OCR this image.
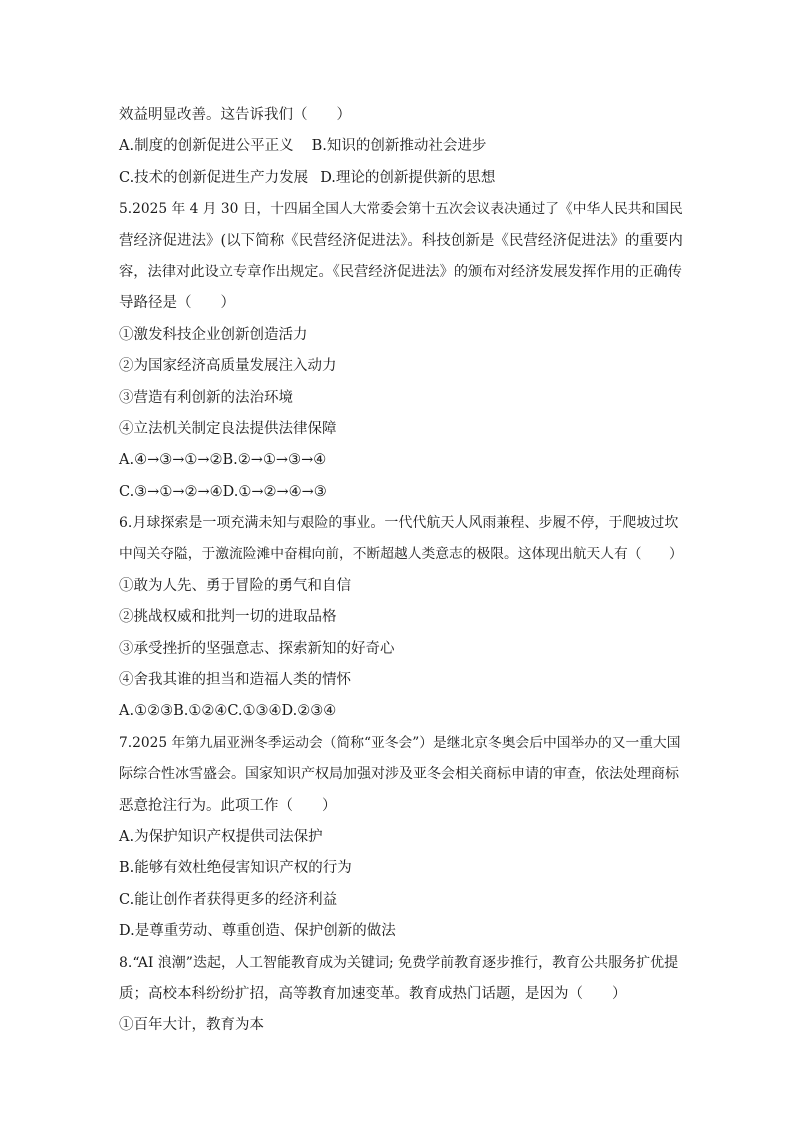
效益明显改善。这告诉我们（　　）
A.制度的创新促进公平正义 B.知识的创新推动社会进步
C.技术的创新促进生产力发展 D.理论的创新提供新的思想
5.2025 年 4 月 30 日，十四届全国人大常委会第十五次会议表决通过了《中华人民共和国民
营经济促进法》(以下简称《民营经济促进法》。科技创新是《民营经济促进法》的重要内
容，法律对此设立专章作出规定。《民营经济促进法》的颁布对经济发展发挥作用的正确传
导路径是（　　）
①激发科技企业创新创造活力
②为国家经济高质量发展注入动力
③营造有利创新的法治环境
④立法机关制定良法提供法律保障
A.④→③→①→②B.②→①→③→④
C.③→①→②→④D.①→②→④→③
6.月球探索是一项充满未知与艰险的事业。一代代航天人风雨兼程、步履不停，于爬坡过坎
中闯关夺隘，于激流险滩中奋楫向前，不断超越人类意志的极限。这体现出航天人有（　　）
①敢为人先、勇于冒险的勇气和自信
②挑战权威和批判一切的进取品格
③承受挫折的坚强意志、探索新知的好奇心
④舍我其谁的担当和造福人类的情怀
A.①②③B.①②④C.①③④D.②③④
7.2025 年第九届亚洲冬季运动会（简称“亚冬会”）是继北京冬奥会后中国举办的又一重大国
际综合性冰雪盛会。国家知识产权局加强对涉及亚冬会相关商标申请的审查，依法处理商标
恶意抢注行为。此项工作（　　）
A.为保护知识产权提供司法保护
B.能够有效杜绝侵害知识产权的行为
C.能让创作者获得更多的经济利益
D.是尊重劳动、尊重创造、保护创新的做法
8.“AI 浪潮”迭起，人工智能教育成为关键词; 免费学前教育逐步推行，教育公共服务扩优提
质；高校本科纷纷扩招，高等教育加速变革。教育成热门话题，是因为（　　）
①百年大计，教育为本
